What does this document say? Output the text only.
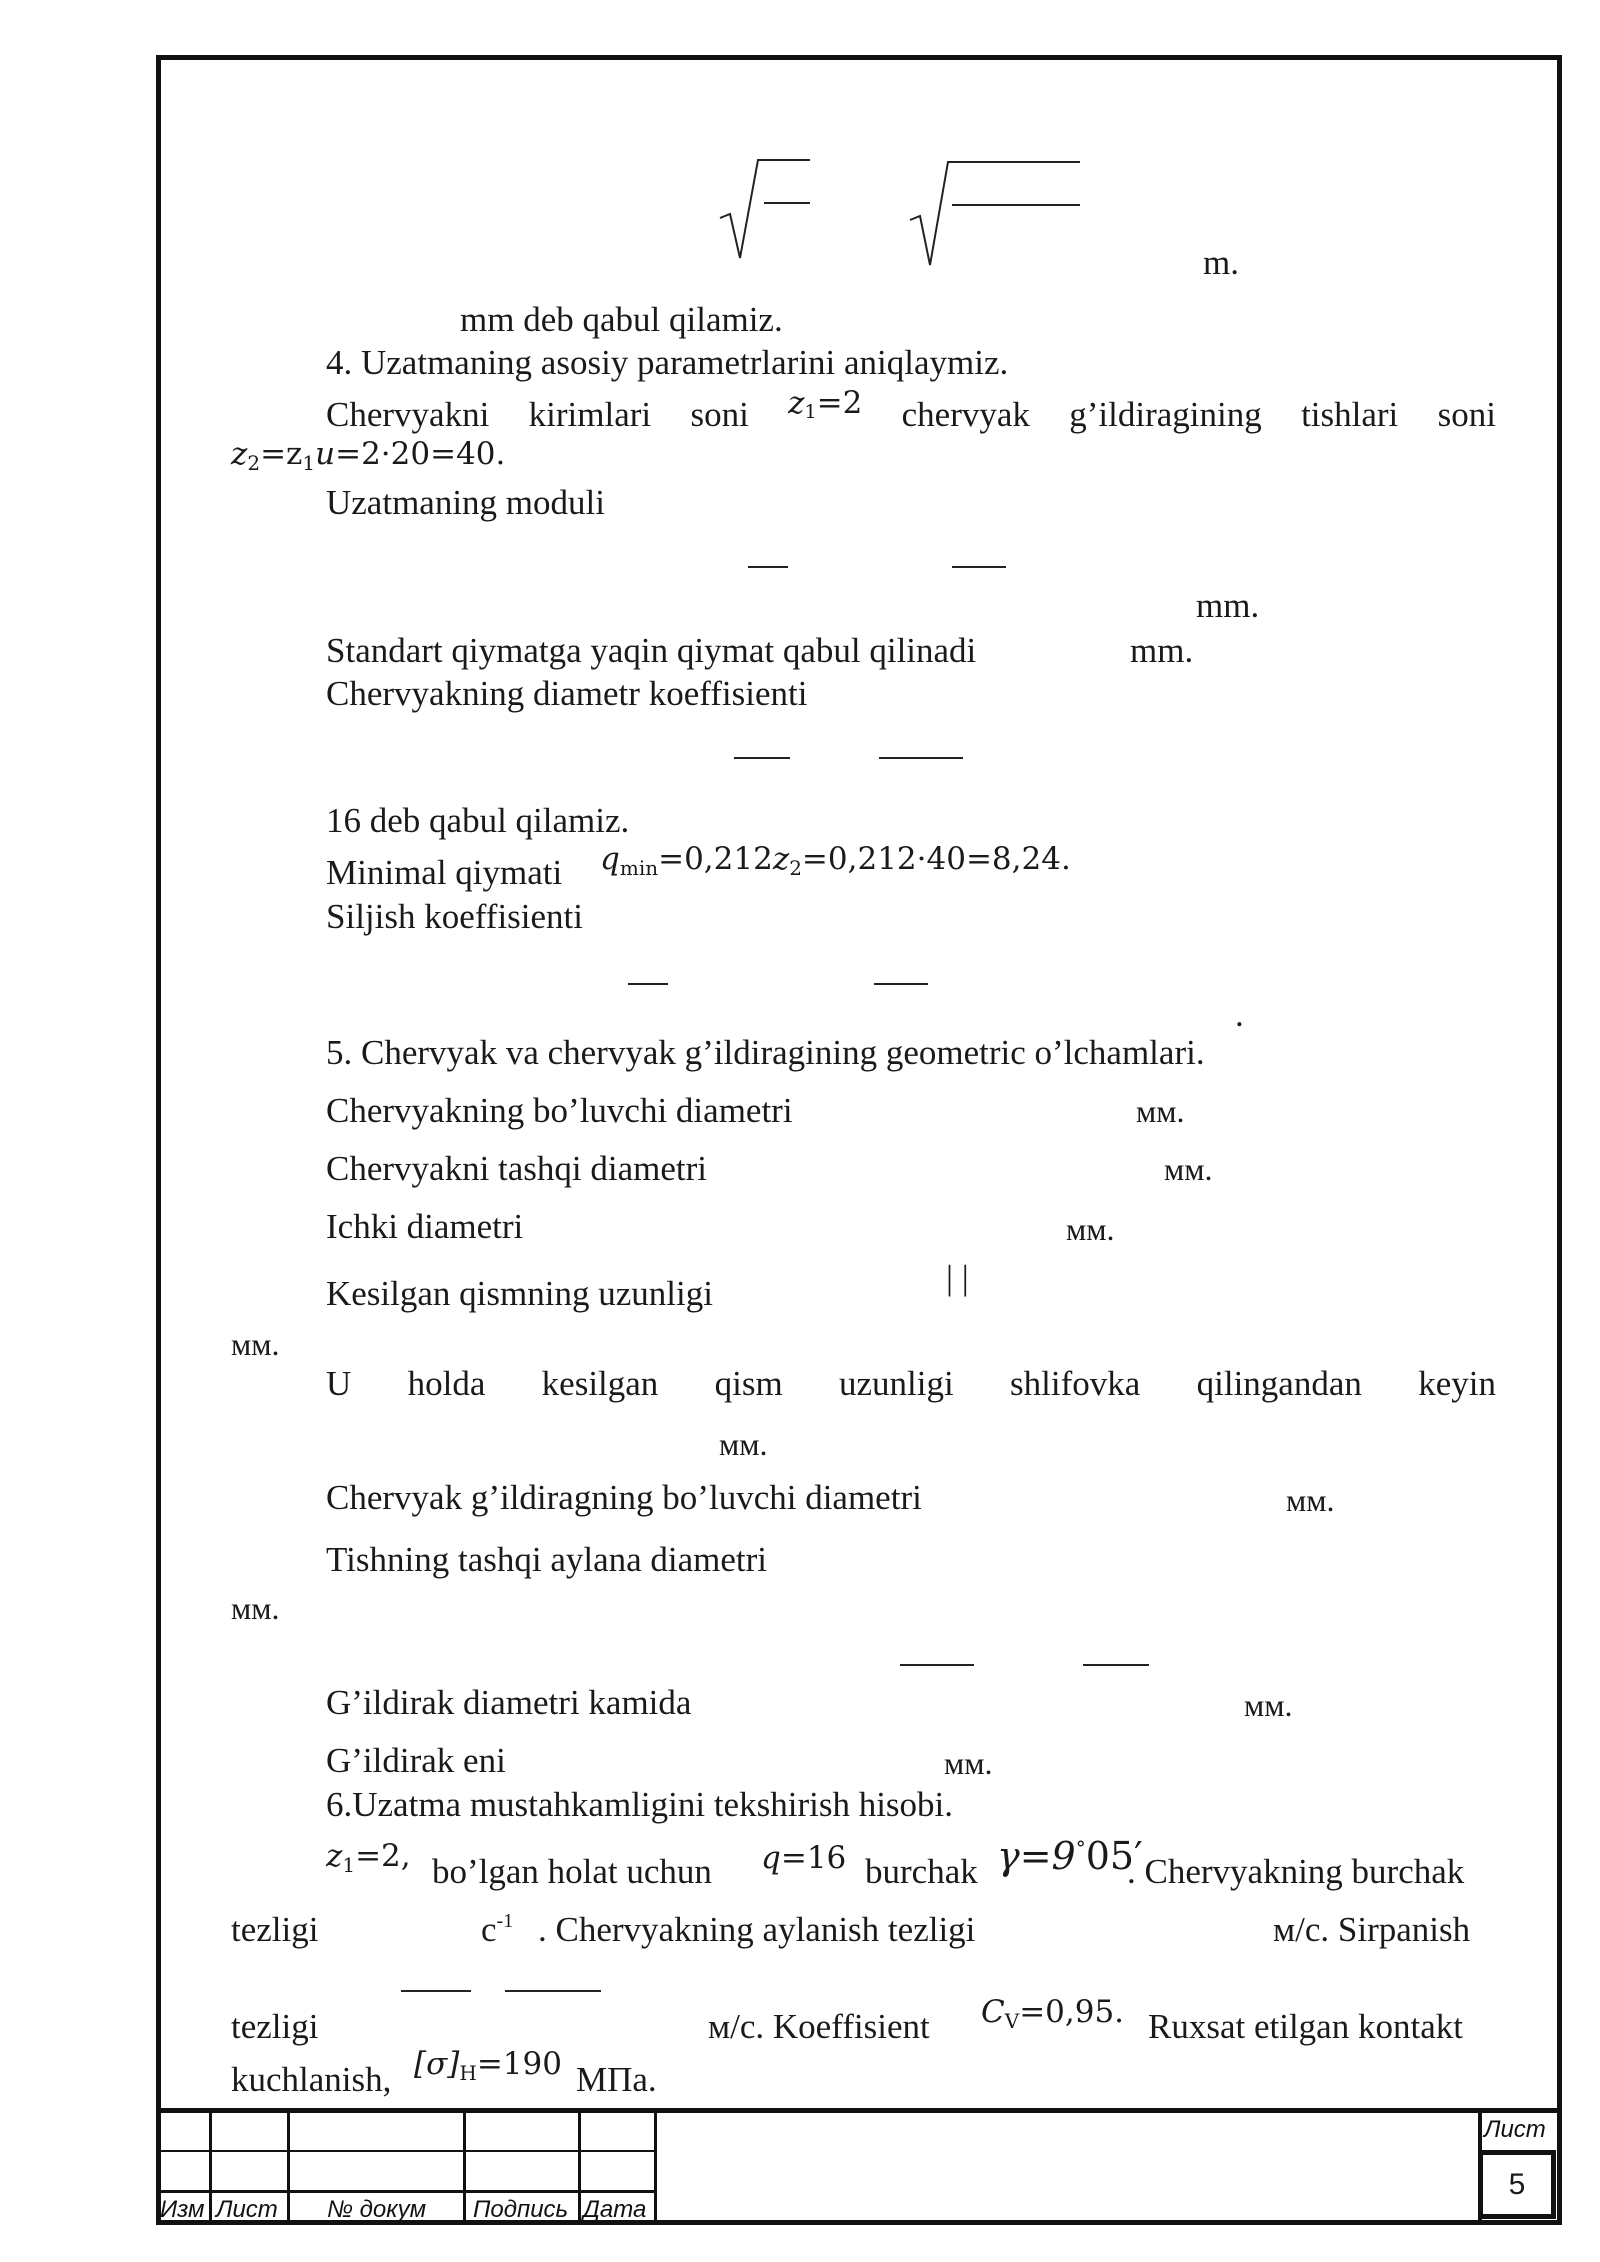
m.
mm deb qabul qilamiz.
4. Uzatmaning asosiy parametrlarini aniqlaymiz.
Chervyakni kirimlari soni $z_1=2$ chervyak g’ildiragining tishlari soni
$z_2=z_1u=2\cdot 20=40$.
Uzatmaning moduli
mm.
Standart qiymatga yaqin qiymat qabul qilinadi	mm.
Chervyakning diametr koeffisienti
16 deb qabul qilamiz.
Minimal qiymati $q_{min}=0,212z_2=0,212\cdot 40=8,24$.
Siljish koeffisienti
.
5. Chervyak va chervyak g’ildiragining geometric o’lchamlari.
Chervyakning bo’luvchi diametri	мм.
Chervyakni tashqi diametri	мм.
Ichki diametri	мм.
Kesilgan qismning uzunligi	| |
мм.
U holda kesilgan qism uzunligi shlifovka qilingandan keyin
мм.
Chervyak g’ildiragning bo’luvchi diametri	мм.
Tishning tashqi aylana diametri
мм.
G’ildirak diametri kamida	мм.
G’ildirak eni	мм.
6.Uzatma mustahkamligini tekshirish hisobi.
$z_1=2$, bo’lgan holat uchun q=16 burchak γ=9°05′
. Chervyakning burchak
tezligi	$c^{-1}$ . Chervyakning aylanish tezligi	м/с. Sirpanish
tezligi	м/с. Koeffisient $C_V=0,95$. Ruxsat etilgan kontakt
kuchlanish, $[\sigma]_H=190$ МПа.
Изм Лист № докум Подпись Дата
Лист
5
